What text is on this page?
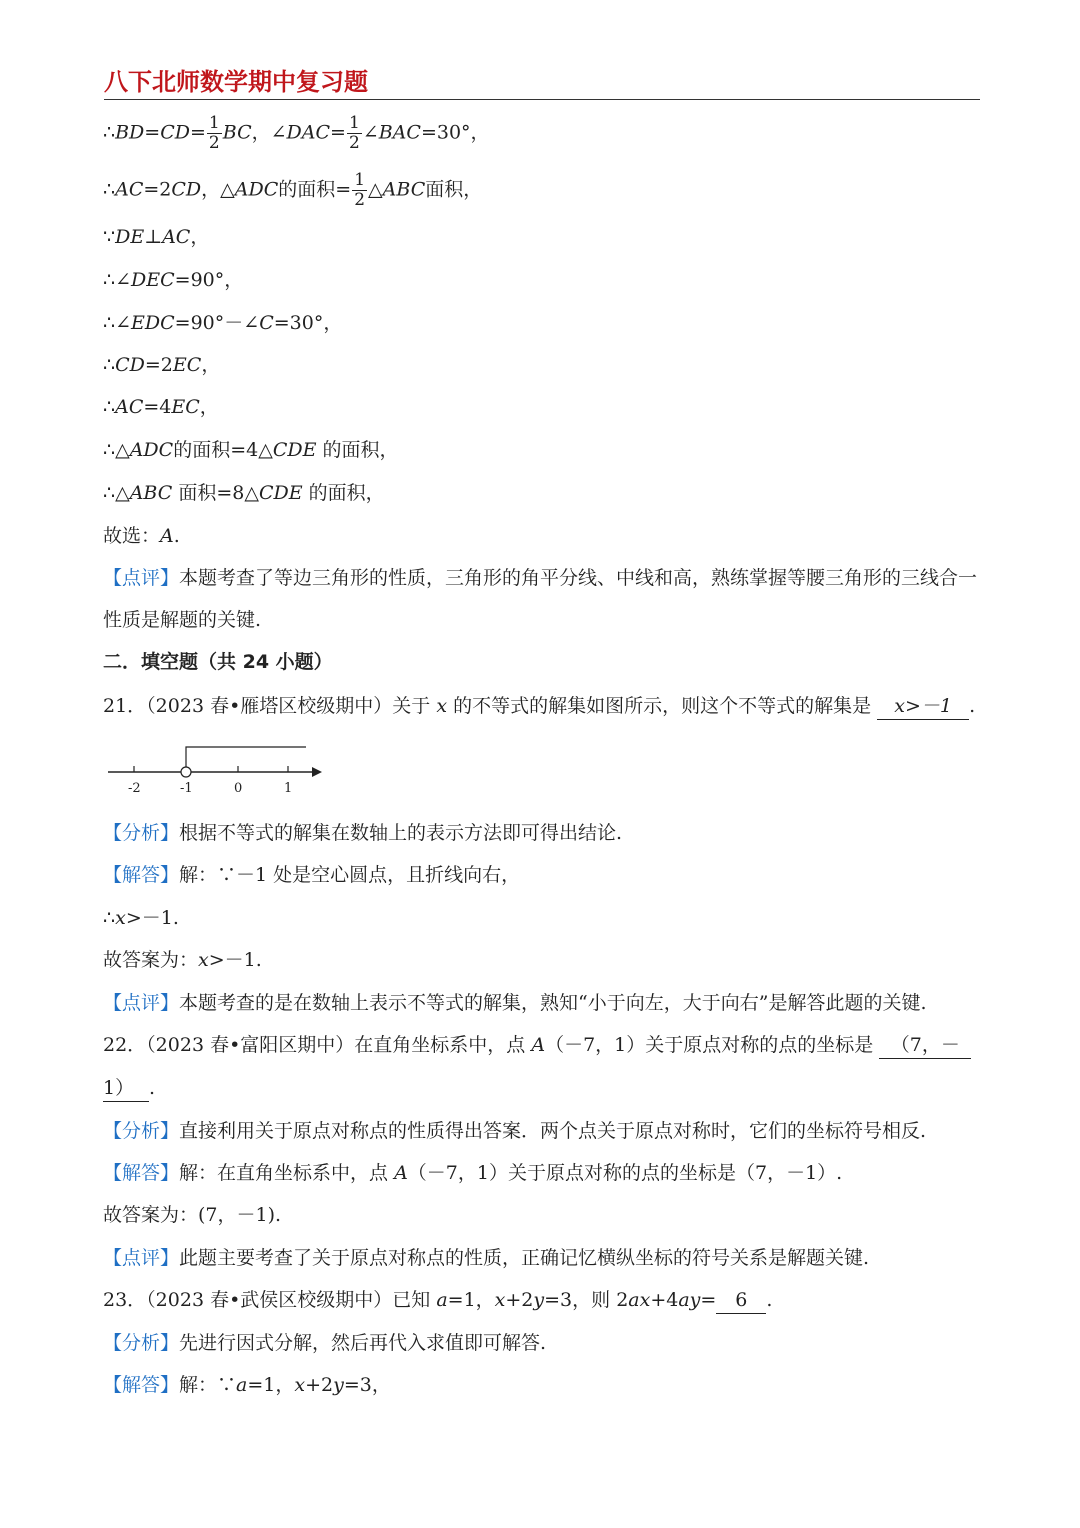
八下北师数学期中复习题
∴BD=CD= $\frac{1}{2}$ BC，∠DAC= $\frac{1}{2}$ ∠BAC=30°，
∴AC=2CD，△ADC的面积= $\frac{1}{2}$ △ABC面积，
∵DE⊥AC，
∴∠DEC=90°，
∴∠EDC=90°－∠C=30°，
∴CD=2EC，
∴AC=4EC，
∴△ADC的面积=4△CDE 的面积，
∴△ABC 面积=8△CDE 的面积，
故选：A.
【点评】本题考查了等边三角形的性质，三角形的角平分线、中线和高，熟练掌握等腰三角形的三线合一
性质是解题的关键.
二．填空题（共 24 小题）
21．（2023 春•雁塔区校级期中）关于 x 的不等式的解集如图所示，则这个不等式的解集是 x>－1 .
-2	-1	0	1
【分析】根据不等式的解集在数轴上的表示方法即可得出结论.
【解答】解：∵－1 处是空心圆点，且折线向右，
∴x>－1.
故答案为：x>－1.
【点评】本题考查的是在数轴上表示不等式的解集，熟知“小于向左，大于向右”是解答此题的关键.
22．（2023 春•富阳区期中）在直角坐标系中，点 A（－7，1）关于原点对称的点的坐标是 （7，－
1） .
【分析】直接利用关于原点对称点的性质得出答案．两个点关于原点对称时，它们的坐标符号相反.
【解答】解：在直角坐标系中，点 A（－7，1）关于原点对称的点的坐标是（7，－1）.
故答案为：(7，－1).
【点评】此题主要考查了关于原点对称点的性质，正确记忆横纵坐标的符号关系是解题关键.
23．（2023 春•武侯区校级期中）已知 a=1，x+2y=3，则 2ax+4ay= 6 .
【分析】先进行因式分解，然后再代入求值即可解答.
【解答】解：∵a=1，x+2y=3，
